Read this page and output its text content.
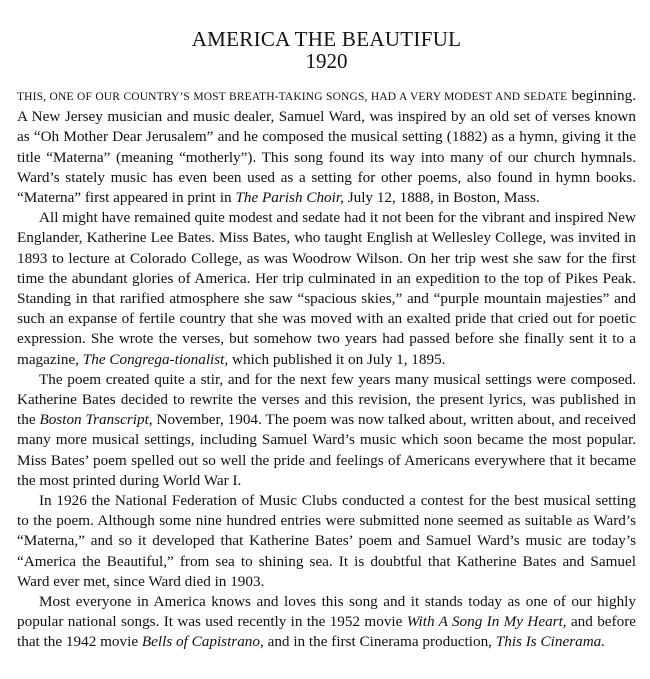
AMERICA THE BEAUTIFUL
1920

THIS, ONE OF OUR COUNTRY’S MOST BREATH-TAKING SONGS, HAD A VERY MODEST AND SEDATE beginning. A New Jersey musician and music dealer, Samuel Ward, was inspired by an old set of verses known as “Oh Mother Dear Jerusalem” and he composed the musical setting (1882) as a hymn, giving it the title “Materna” (meaning “motherly”). This song found its way into many of our church hymnals. Ward’s stately music has even been used as a setting for other poems, also found in hymn books. “Materna” first appeared in print in The Parish Choir, July 12, 1888, in Boston, Mass.

All might have remained quite modest and sedate had it not been for the vibrant and inspired New Englander, Katherine Lee Bates. Miss Bates, who taught English at Wellesley College, was invited in 1893 to lecture at Colorado College, as was Woodrow Wilson. On her trip west she saw for the first time the abundant glories of America. Her trip culminated in an expedition to the top of Pikes Peak. Standing in that rarified atmosphere she saw “spacious skies,” and “purple mountain majesties” and such an expanse of fertile country that she was moved with an exalted pride that cried out for poetic expression. She wrote the verses, but somehow two years had passed before she finally sent it to a magazine, The Congrega-tionalist, which published it on July 1, 1895.

The poem created quite a stir, and for the next few years many musical settings were composed. Katherine Bates decided to rewrite the verses and this revision, the present lyrics, was published in the Boston Transcript, November, 1904. The poem was now talked about, written about, and received many more musical settings, including Samuel Ward’s music which soon became the most popular. Miss Bates’ poem spelled out so well the pride and feelings of Americans everywhere that it became the most printed during World War I.

In 1926 the National Federation of Music Clubs conducted a contest for the best musical setting to the poem. Although some nine hundred entries were submitted none seemed as suitable as Ward’s “Materna,” and so it developed that Katherine Bates’ poem and Samuel Ward’s music are today’s “America the Beautiful,” from sea to shining sea. It is doubtful that Katherine Bates and Samuel Ward ever met, since Ward died in 1903.

Most everyone in America knows and loves this song and it stands today as one of our highly popular national songs. It was used recently in the 1952 movie With A Song In My Heart, and before that the 1942 movie Bells of Capistrano, and in the first Cinerama production, This Is Cinerama.
